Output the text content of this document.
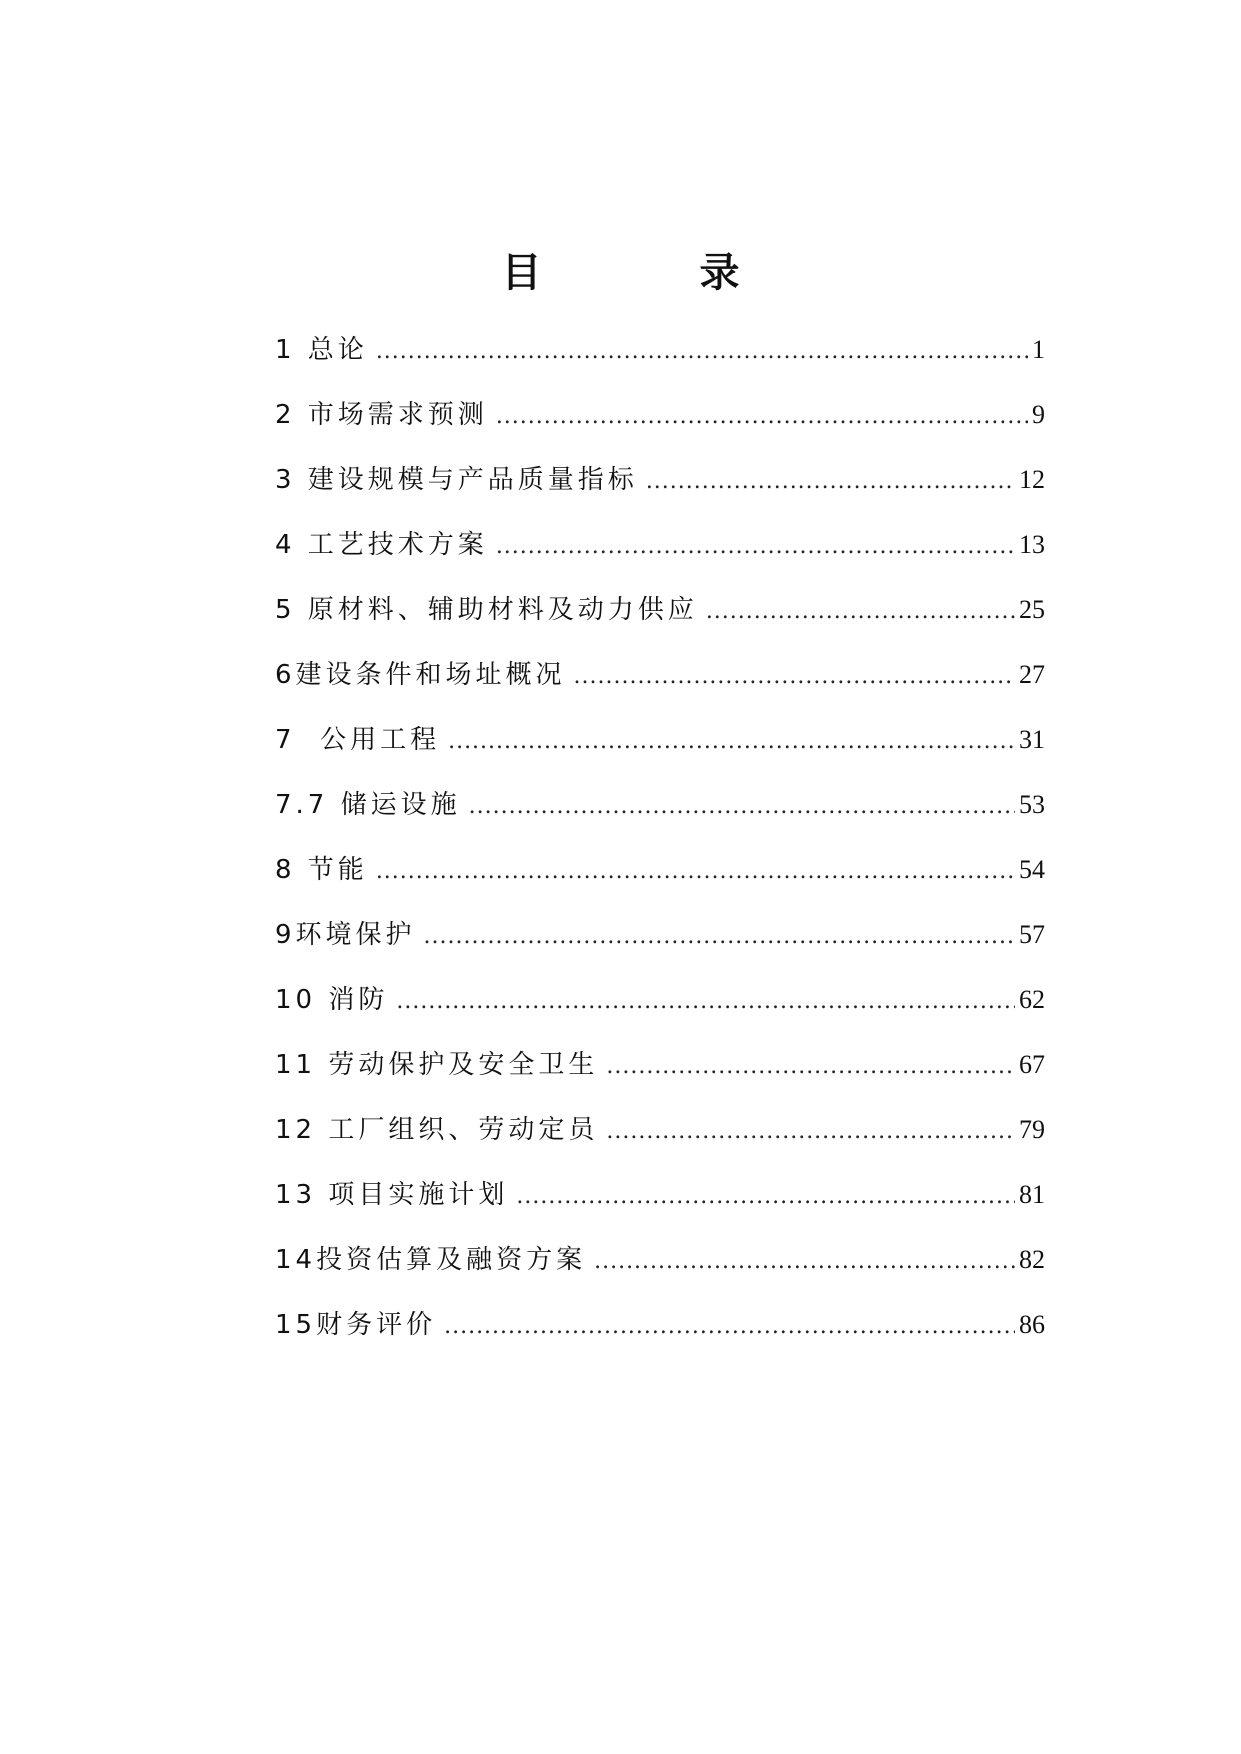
目 录
1 总论 .....	1
2 市场需求预测 .....	9
3 建设规模与产品质量指标 .....	12
4 工艺技术方案 .....	13
5 原材料、辅助材料及动力供应 .....	25
6建设条件和场址概况 .....	27
7  公用工程 .....	31
7.7 储运设施 .....	53
8 节能 .....	54
9环境保护 .....	57
10 消防 .....	62
11 劳动保护及安全卫生 .....	67
12 工厂组织、劳动定员 .....	79
13 项目实施计划 .....	81
14投资估算及融资方案 .....	82
15财务评价 .....	86
